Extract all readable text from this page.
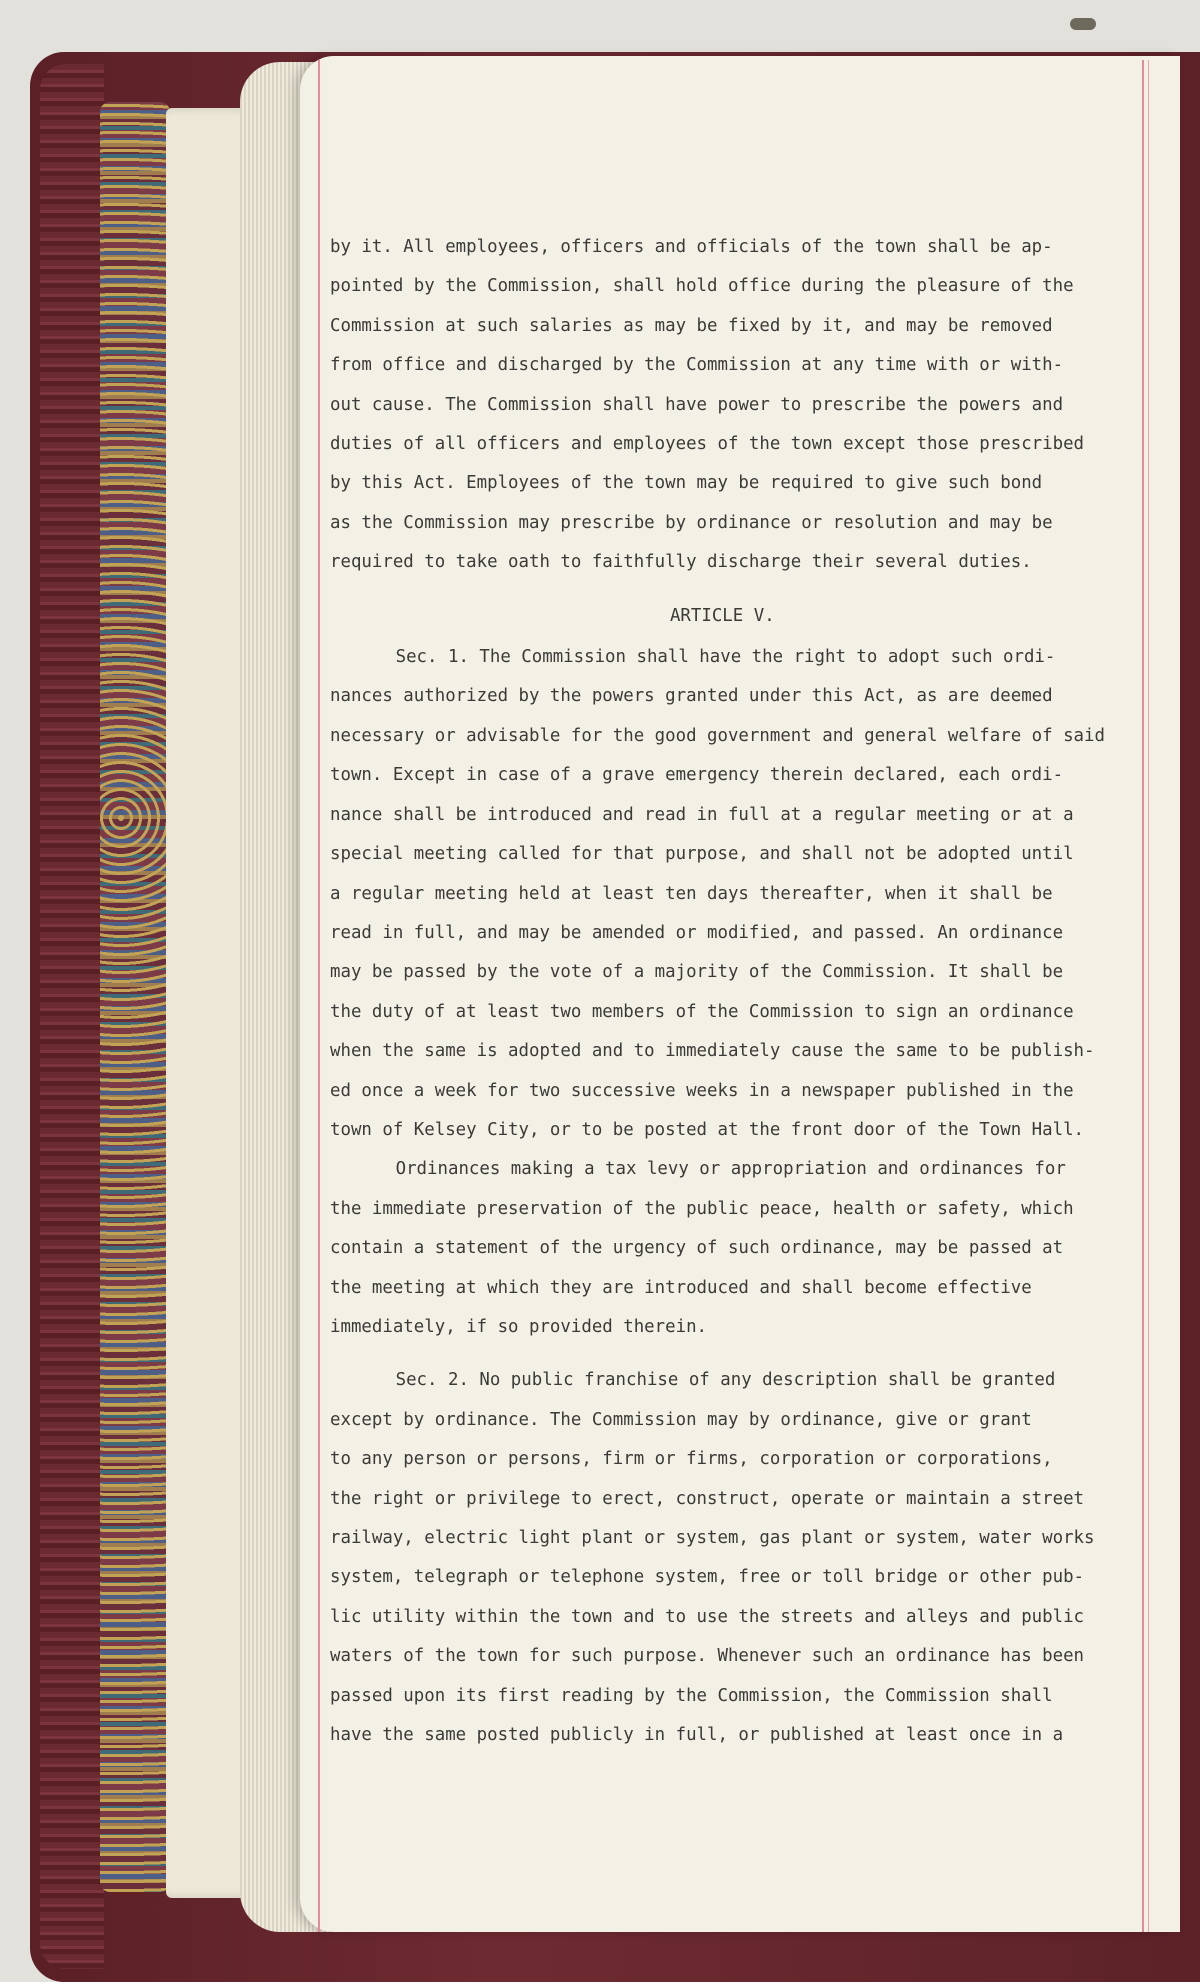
by it. All employees, officers and officials of the town shall be ap-
pointed by the Commission, shall hold office during the pleasure of the
Commission at such salaries as may be fixed by it, and may be removed
from office and discharged by the Commission at any time with or with-
out cause. The Commission shall have power to prescribe the powers and
duties of all officers and employees of the town except those prescribed
by this Act. Employees of the town may be required to give such bond
as the Commission may prescribe by ordinance or resolution and may be
required to take oath to faithfully discharge their several duties.
ARTICLE V.
Sec. 1. The Commission shall have the right to adopt such ordi-
nances authorized by the powers granted under this Act, as are deemed
necessary or advisable for the good government and general welfare of said
town. Except in case of a grave emergency therein declared, each ordi-
nance shall be introduced and read in full at a regular meeting or at a
special meeting called for that purpose, and shall not be adopted until
a regular meeting held at least ten days thereafter, when it shall be
read in full, and may be amended or modified, and passed. An ordinance
may be passed by the vote of a majority of the Commission. It shall be
the duty of at least two members of the Commission to sign an ordinance
when the same is adopted and to immediately cause the same to be publish-
ed once a week for two successive weeks in a newspaper published in the
town of Kelsey City, or to be posted at the front door of the Town Hall.
Ordinances making a tax levy or appropriation and ordinances for
the immediate preservation of the public peace, health or safety, which
contain a statement of the urgency of such ordinance, may be passed at
the meeting at which they are introduced and shall become effective
immediately, if so provided therein.
Sec. 2. No public franchise of any description shall be granted
except by ordinance. The Commission may by ordinance, give or grant
to any person or persons, firm or firms, corporation or corporations,
the right or privilege to erect, construct, operate or maintain a street
railway, electric light plant or system, gas plant or system, water works
system, telegraph or telephone system, free or toll bridge or other pub-
lic utility within the town and to use the streets and alleys and public
waters of the town for such purpose. Whenever such an ordinance has been
passed upon its first reading by the Commission, the Commission shall
have the same posted publicly in full, or published at least once in a
